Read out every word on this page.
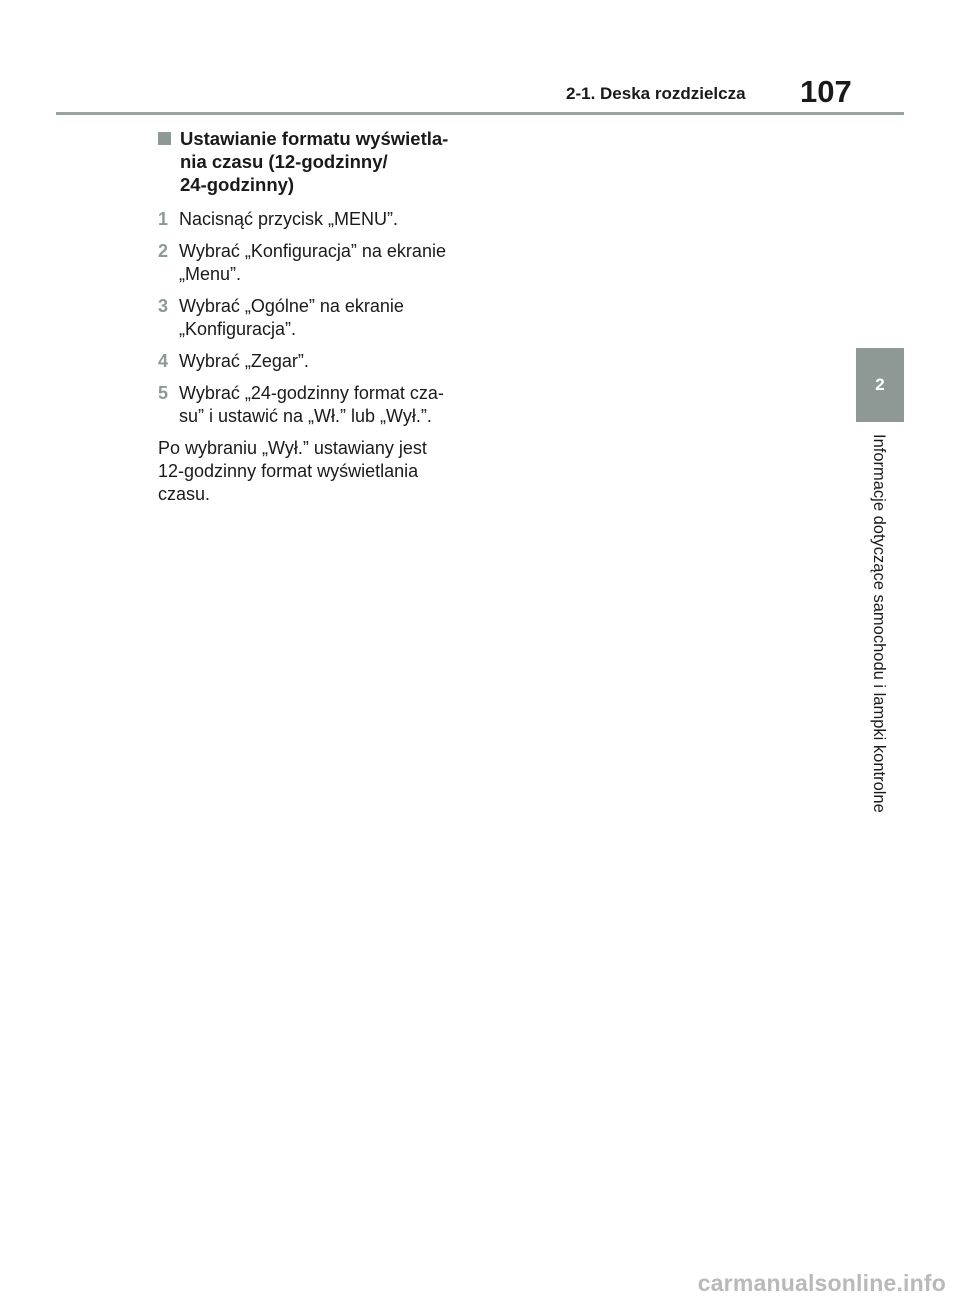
2-1. Deska rozdzielcza	107
2
Informacje dotyczące samochodu i lampki kontrolne
Ustawianie formatu wyświetla-
nia czasu (12-godzinny/
24-godzinny)
1 Nacisnąć przycisk „MENU”.
2 Wybrać „Konfiguracja” na ekranie
„Menu”.
3 Wybrać „Ogólne” na ekranie
„Konfiguracja”.
4 Wybrać „Zegar”.
5 Wybrać „24-godzinny format cza-
su” i ustawić na „Wł.” lub „Wył.”.
Po wybraniu „Wył.” ustawiany jest
12-godzinny format wyświetlania
czasu.
carmanualsonline.info
